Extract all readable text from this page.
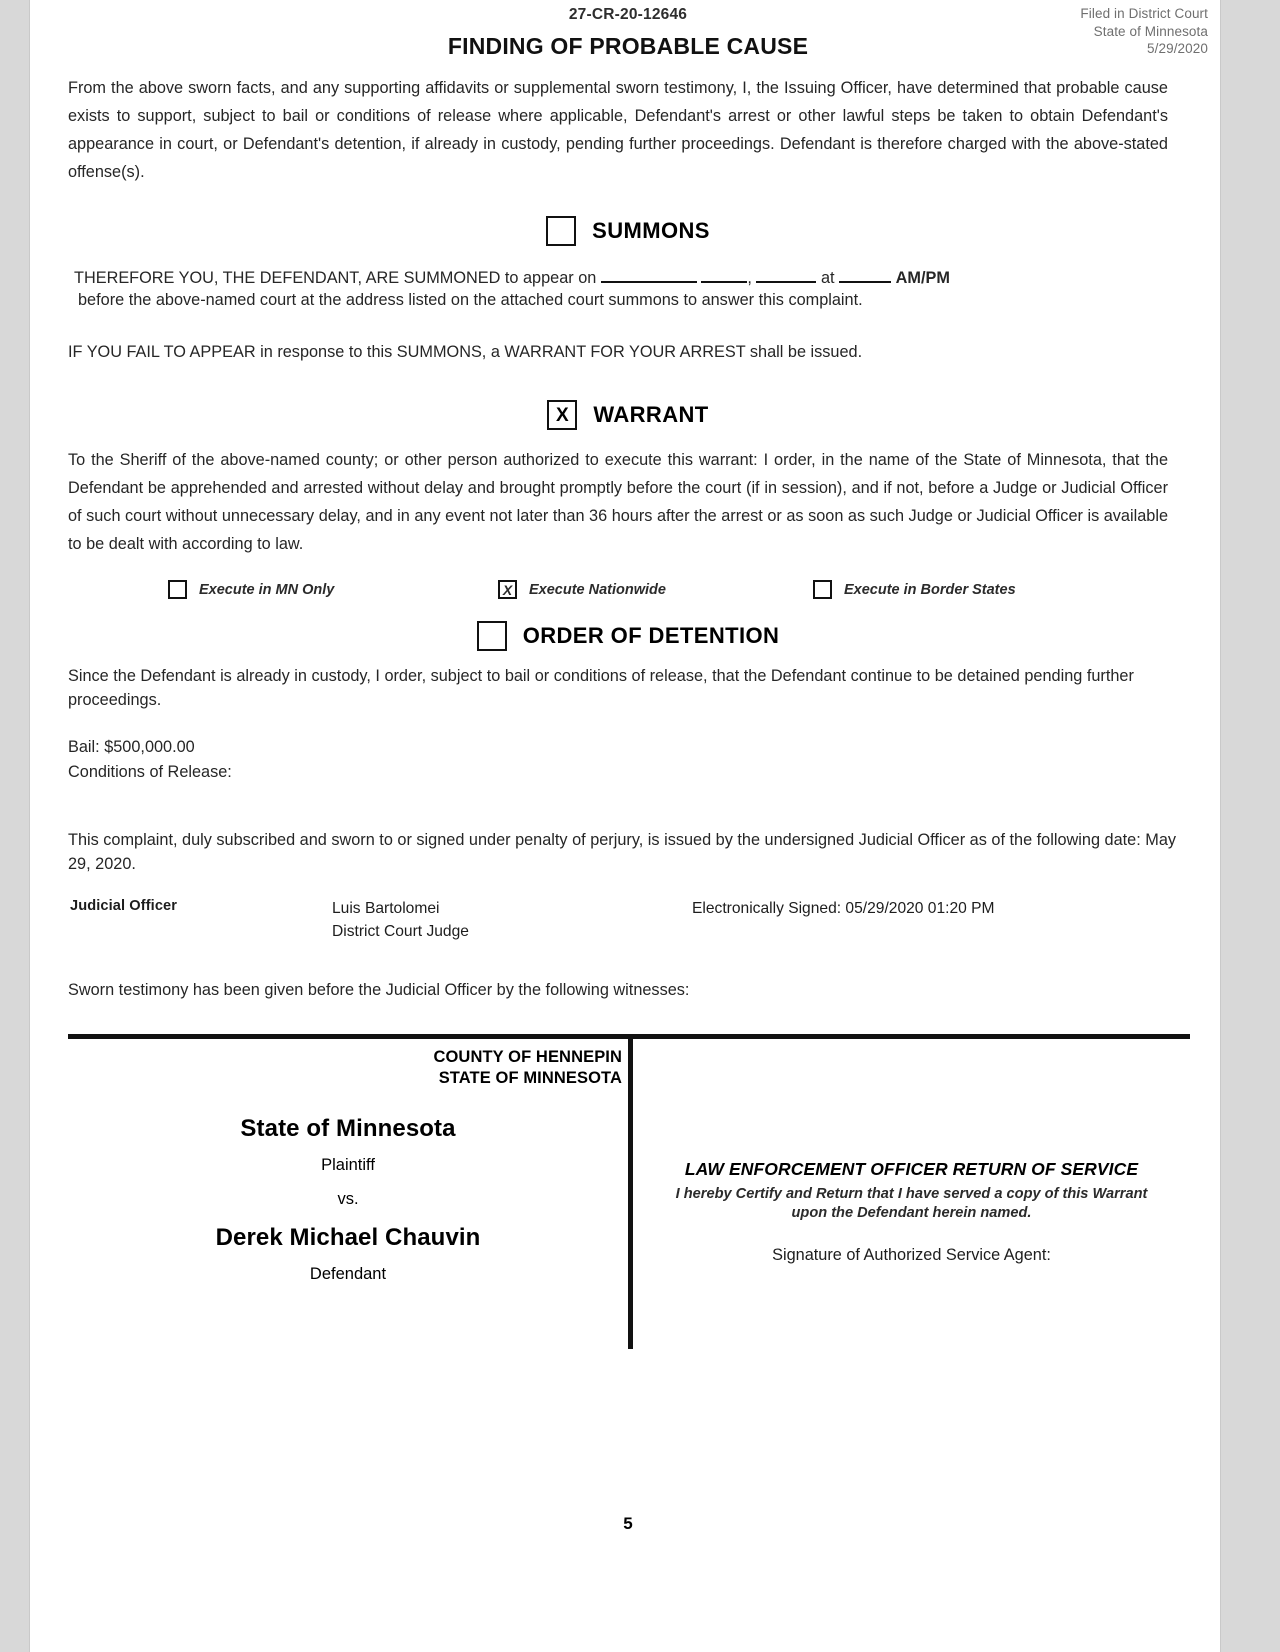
27-CR-20-12646	Filed in District Court
State of Minnesota
5/29/2020
FINDING OF PROBABLE CAUSE

From the above sworn facts, and any supporting affidavits or supplemental sworn testimony, I, the Issuing Officer, have determined that probable cause exists to support, subject to bail or conditions of release where applicable, Defendant's arrest or other lawful steps be taken to obtain Defendant's appearance in court, or Defendant's detention, if already in custody, pending further proceedings. Defendant is therefore charged with the above-stated offense(s).

SUMMONS
THEREFORE YOU, THE DEFENDANT, ARE SUMMONED to appear on	,	at	AM/PM
before the above-named court at the address listed on the attached court summons to answer this complaint.

IF YOU FAIL TO APPEAR in response to this SUMMONS, a WARRANT FOR YOUR ARREST shall be issued.

X	WARRANT

To the Sheriff of the above-named county; or other person authorized to execute this warrant: I order, in the name of the State of Minnesota, that the Defendant be apprehended and arrested without delay and brought promptly before the court (if in session), and if not, before a Judge or Judicial Officer of such court without unnecessary delay, and in any event not later than 36 hours after the arrest or as soon as such Judge or Judicial Officer is available to be dealt with according to law.

Execute in MN Only	X	Execute Nationwide	Execute in Border States
ORDER OF DETENTION

Since the Defendant is already in custody, I order, subject to bail or conditions of release, that the Defendant continue to be detained pending further proceedings.

Bail: $500,000.00
Conditions of Release:

This complaint, duly subscribed and sworn to or signed under penalty of perjury, is issued by the undersigned Judicial Officer as of the following date: May 29, 2020.

Judicial Officer	Luis Bartolomei
District Court Judge
Electronically Signed: 05/29/2020 01:20 PM

Sworn testimony has been given before the Judicial Officer by the following witnesses:

COUNTY OF HENNEPIN
STATE OF MINNESOTA
State of Minnesota
Plaintiff
vs.
Derek Michael Chauvin
Defendant
LAW ENFORCEMENT OFFICER RETURN OF SERVICE
I hereby Certify and Return that I have served a copy of this Warrant
upon the Defendant herein named.
Signature of Authorized Service Agent:
5
